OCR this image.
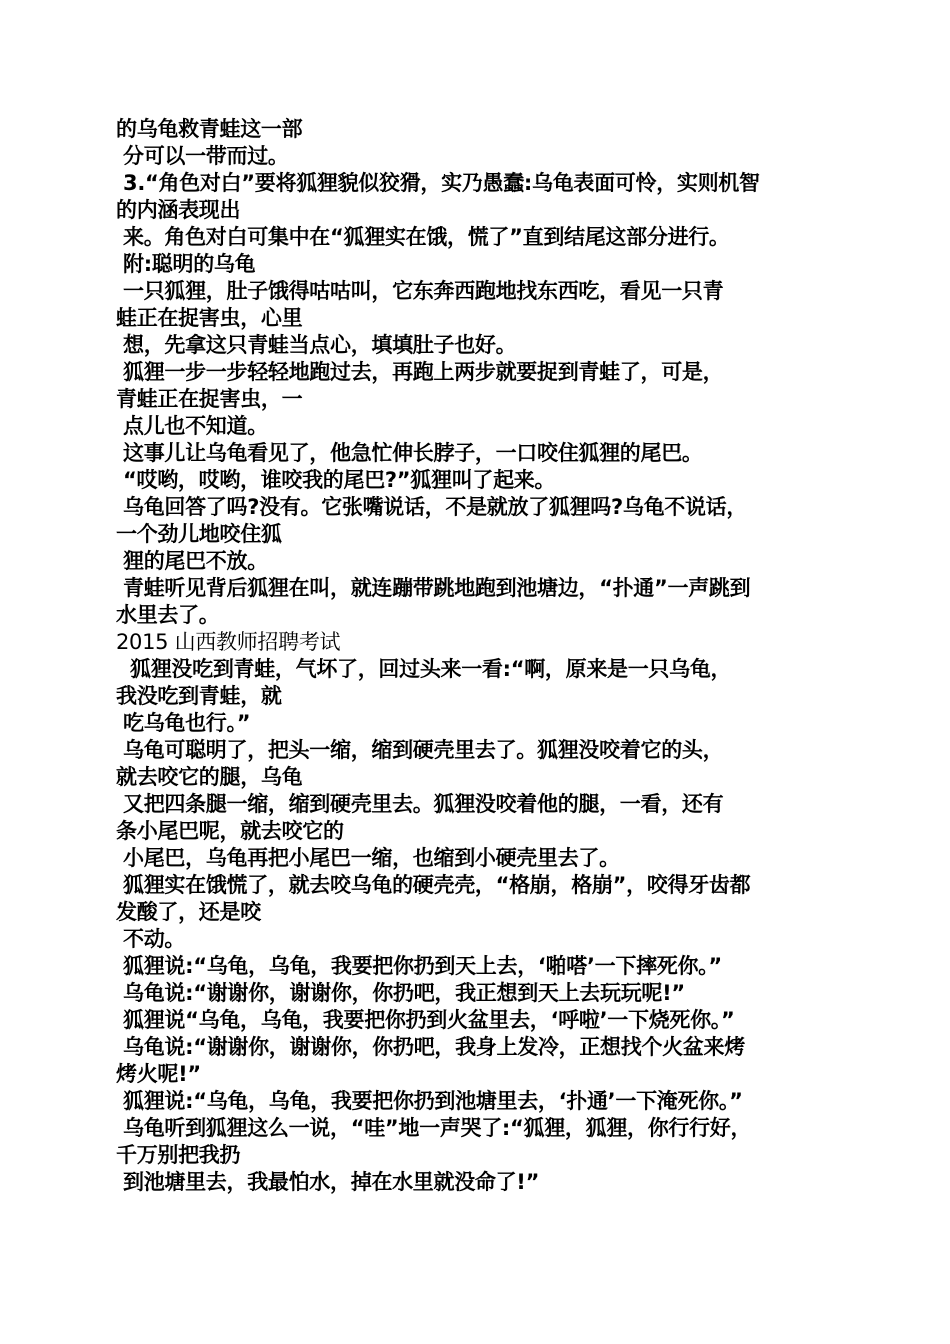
的乌龟救青蛙这一部
分可以一带而过。
3.“角色对白”要将狐狸貌似狡猾，实乃愚蠢:乌龟表面可怜，实则机智
的内涵表现出
来。角色对白可集中在“狐狸实在饿，慌了”直到结尾这部分进行。
附:聪明的乌龟
一只狐狸，肚子饿得咕咕叫，它东奔西跑地找东西吃，看见一只青
蛙正在捉害虫，心里
想，先拿这只青蛙当点心，填填肚子也好。
狐狸一步一步轻轻地跑过去，再跑上两步就要捉到青蛙了，可是，
青蛙正在捉害虫，一
点儿也不知道。
这事儿让乌龟看见了，他急忙伸长脖子，一口咬住狐狸的尾巴。
“哎哟，哎哟，谁咬我的尾巴?”狐狸叫了起来。
乌龟回答了吗?没有。它张嘴说话，不是就放了狐狸吗?乌龟不说话，
一个劲儿地咬住狐
狸的尾巴不放。
青蛙听见背后狐狸在叫，就连蹦带跳地跑到池塘边，“扑通”一声跳到
水里去了。
2015 山西教师招聘考试
狐狸没吃到青蛙，气坏了，回过头来一看:“啊，原来是一只乌龟，
我没吃到青蛙，就
吃乌龟也行。”
乌龟可聪明了，把头一缩，缩到硬壳里去了。狐狸没咬着它的头，
就去咬它的腿，乌龟
又把四条腿一缩，缩到硬壳里去。狐狸没咬着他的腿，一看，还有
条小尾巴呢，就去咬它的
小尾巴，乌龟再把小尾巴一缩，也缩到小硬壳里去了。
狐狸实在饿慌了，就去咬乌龟的硬壳壳，“格崩，格崩”，咬得牙齿都
发酸了，还是咬
不动。
狐狸说:“乌龟，乌龟，我要把你扔到天上去，‘啪嗒’一下摔死你。”
乌龟说:“谢谢你，谢谢你，你扔吧，我正想到天上去玩玩呢!”
狐狸说“乌龟，乌龟，我要把你扔到火盆里去，‘呼啦’一下烧死你。”
乌龟说:“谢谢你，谢谢你，你扔吧，我身上发冷，正想找个火盆来烤
烤火呢!”
狐狸说:“乌龟，乌龟，我要把你扔到池塘里去，‘扑通’一下淹死你。”
乌龟听到狐狸这么一说，“哇”地一声哭了:“狐狸，狐狸，你行行好，
千万别把我扔
到池塘里去，我最怕水，掉在水里就没命了!”
